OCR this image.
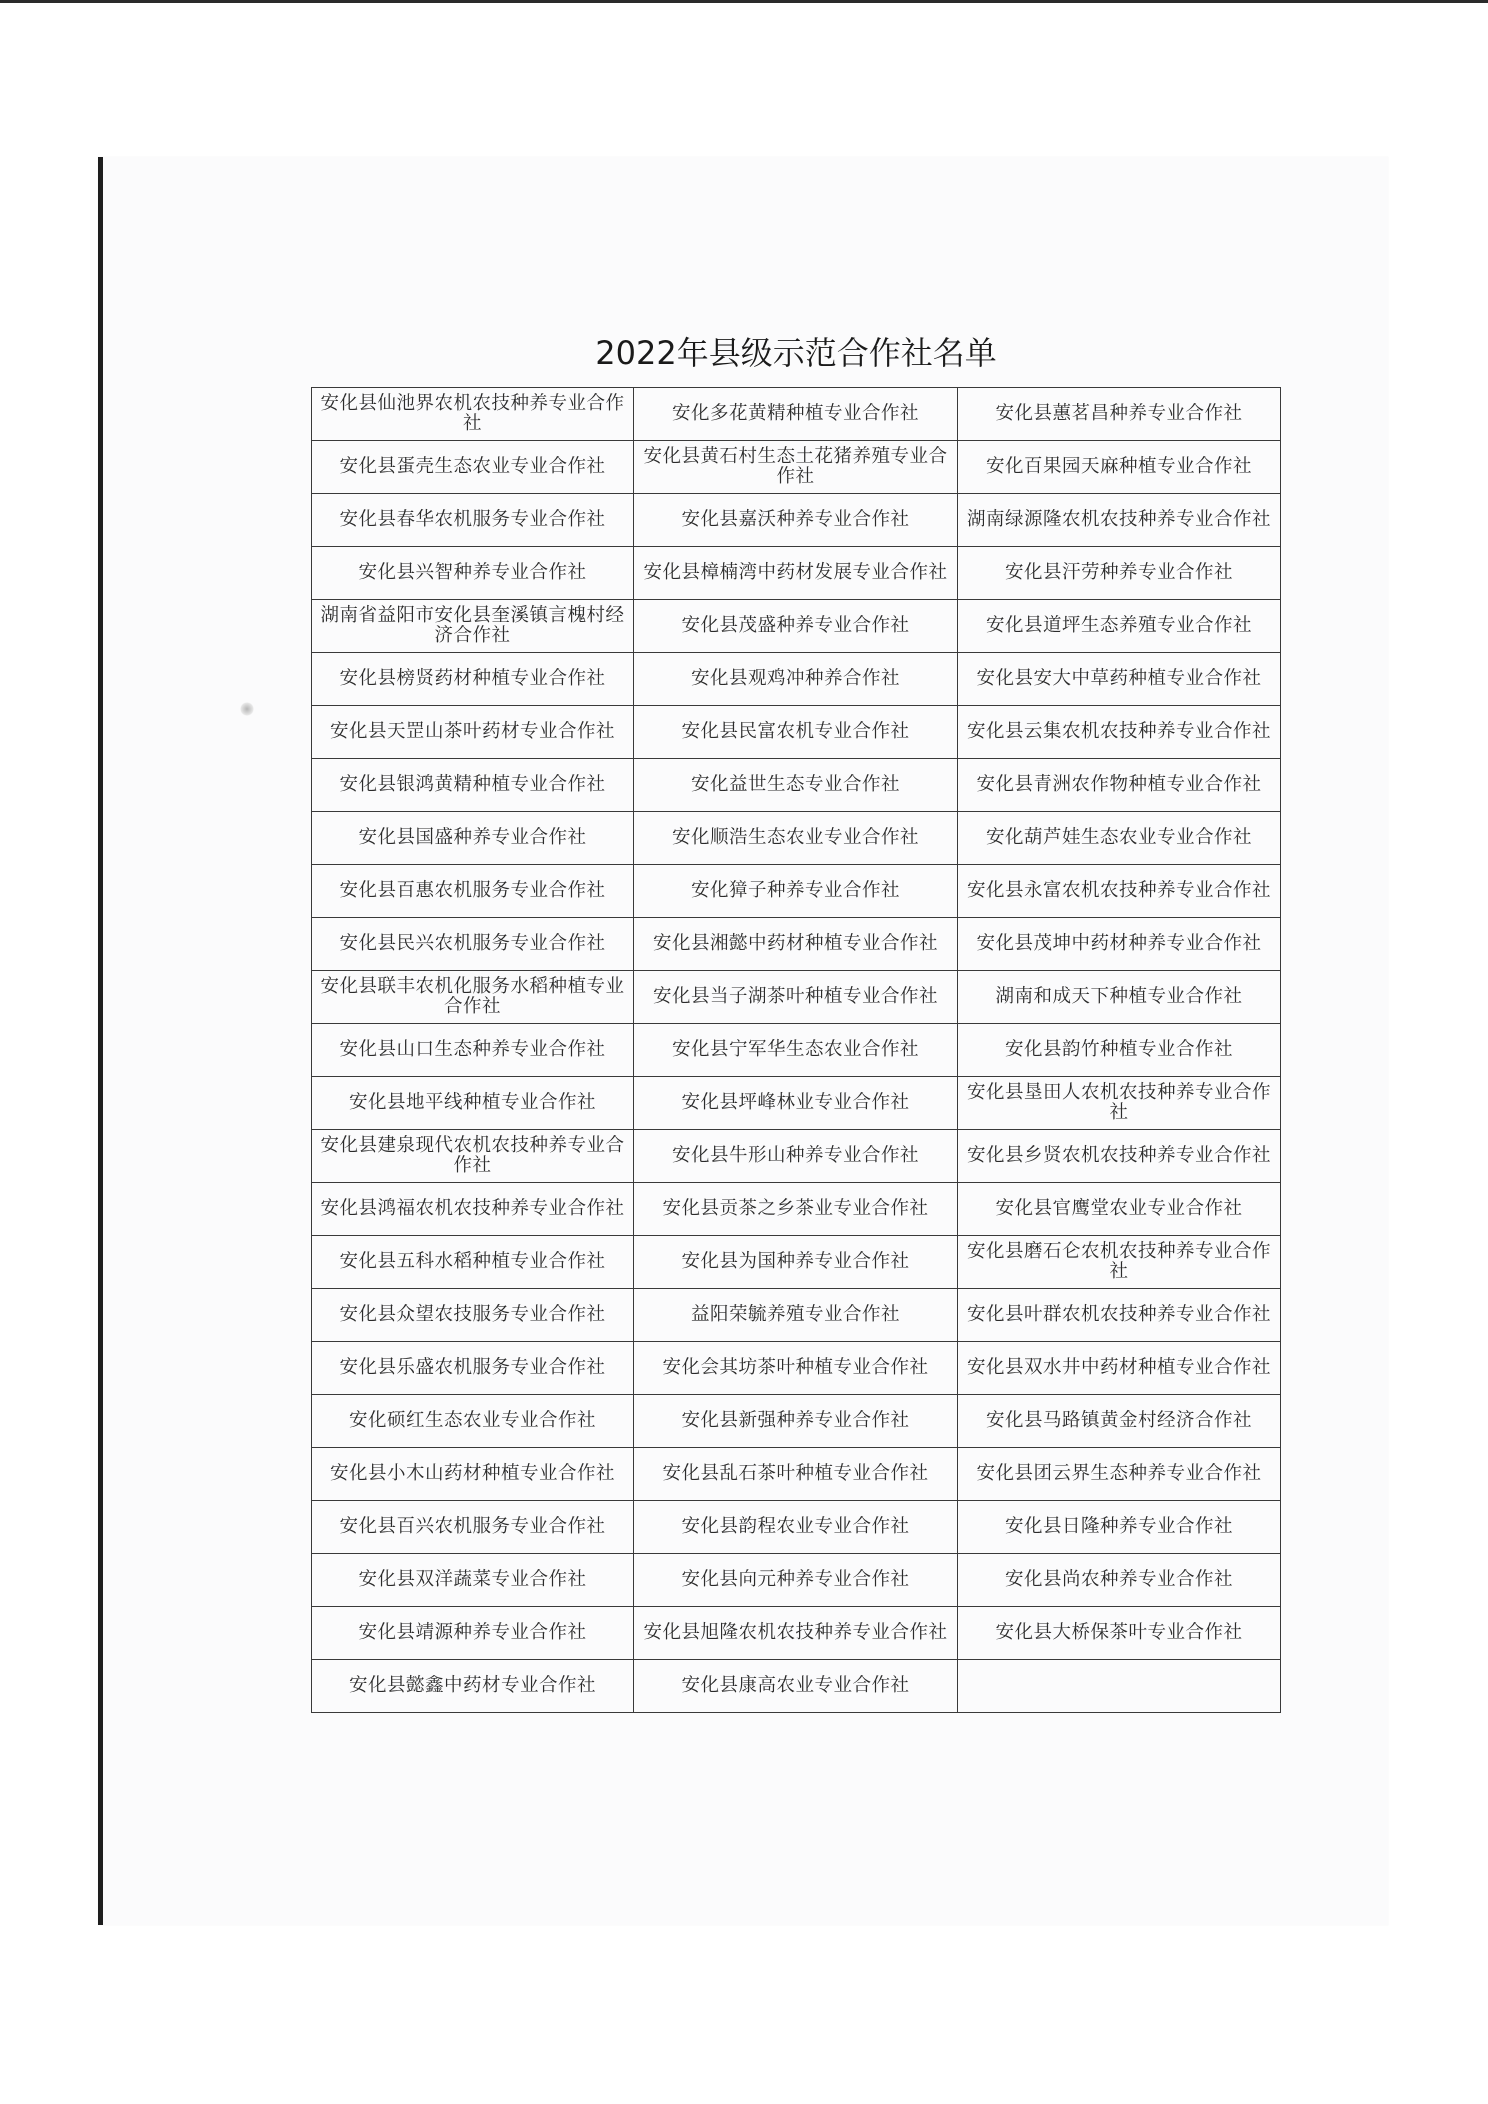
2022年县级示范合作社名单
安化县仙池界农机农技种养专业合作社	安化多花黄精种植专业合作社	安化县蕙茗昌种养专业合作社
安化县蛋壳生态农业专业合作社	安化县黄石村生态土花猪养殖专业合作社	安化百果园天麻种植专业合作社
安化县春华农机服务专业合作社	安化县嘉沃种养专业合作社	湖南绿源隆农机农技种养专业合作社
安化县兴智种养专业合作社	安化县樟楠湾中药材发展专业合作社	安化县汗劳种养专业合作社
湖南省益阳市安化县奎溪镇言槐村经济合作社	安化县茂盛种养专业合作社	安化县道坪生态养殖专业合作社
安化县榜贤药材种植专业合作社	安化县观鸡冲种养合作社	安化县安大中草药种植专业合作社
安化县天罡山茶叶药材专业合作社	安化县民富农机专业合作社	安化县云集农机农技种养专业合作社
安化县银鸿黄精种植专业合作社	安化益世生态专业合作社	安化县青洲农作物种植专业合作社
安化县国盛种养专业合作社	安化顺浩生态农业专业合作社	安化葫芦娃生态农业专业合作社
安化县百惠农机服务专业合作社	安化獐子种养专业合作社	安化县永富农机农技种养专业合作社
安化县民兴农机服务专业合作社	安化县湘懿中药材种植专业合作社	安化县茂坤中药材种养专业合作社
安化县联丰农机化服务水稻种植专业合作社	安化县当子湖茶叶种植专业合作社	湖南和成天下种植专业合作社
安化县山口生态种养专业合作社	安化县宁军华生态农业合作社	安化县韵竹种植专业合作社
安化县地平线种植专业合作社	安化县坪峰林业专业合作社	安化县垦田人农机农技种养专业合作社
安化县建泉现代农机农技种养专业合作社	安化县牛形山种养专业合作社	安化县乡贤农机农技种养专业合作社
安化县鸿福农机农技种养专业合作社	安化县贡茶之乡茶业专业合作社	安化县官鹰堂农业专业合作社
安化县五科水稻种植专业合作社	安化县为国种养专业合作社	安化县磨石仑农机农技种养专业合作社
安化县众望农技服务专业合作社	益阳荣毓养殖专业合作社	安化县叶群农机农技种养专业合作社
安化县乐盛农机服务专业合作社	安化会其坊茶叶种植专业合作社	安化县双水井中药材种植专业合作社
安化硕红生态农业专业合作社	安化县新强种养专业合作社	安化县马路镇黄金村经济合作社
安化县小木山药材种植专业合作社	安化县乱石茶叶种植专业合作社	安化县团云界生态种养专业合作社
安化县百兴农机服务专业合作社	安化县韵程农业专业合作社	安化县日隆种养专业合作社
安化县双洋蔬菜专业合作社	安化县向元种养专业合作社	安化县尚农种养专业合作社
安化县靖源种养专业合作社	安化县旭隆农机农技种养专业合作社	安化县大桥保茶叶专业合作社
安化县懿鑫中药材专业合作社	安化县康高农业专业合作社	
